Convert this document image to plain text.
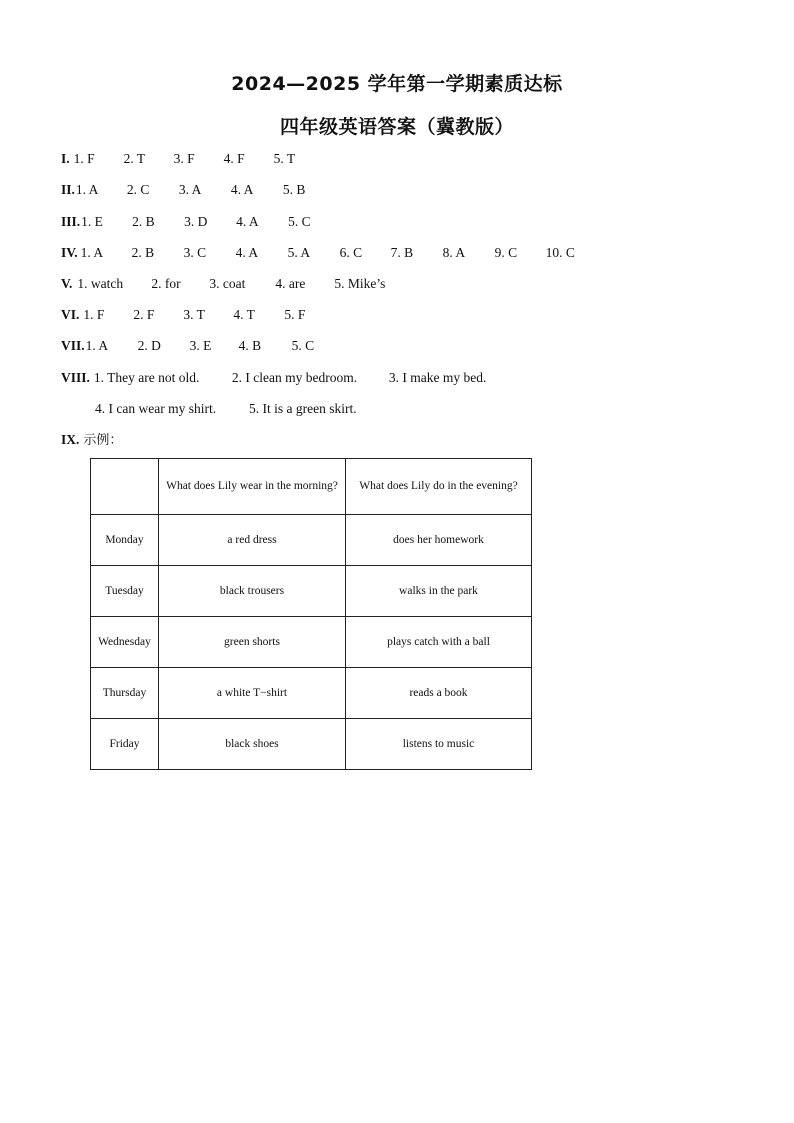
2024—2025 学年第一学期素质达标
四年级英语答案（冀教版）
I. 1. F	2. T	3. F	4. F	5. T
II. 1. A	2. C	3. A	4. A	5. B
III. 1. E	2. B	3. D	4. A	5. C
IV. 1. A	2. B	3. C	4. A	5. A	6. C	7. B	8. A	9. C	10. C
V. 1. watch	2. for	3. coat	4. are	5. Mike’s
VI. 1. F	2. F	3. T	4. T	5. F
VII. 1. A	2. D	3. E	4. B	5. C
VIII. 1. They are not old.	2. I clean my bedroom.	3. I make my bed.
4. I can wear my shirt.	5. It is a green skirt.
IX. 示例：
	What does Lily wear in the morning?	What does Lily do in the evening?
Monday	a red dress	does her homework
Tuesday	black trousers	walks in the park
Wednesday	green shorts	plays catch with a ball
Thursday	a white T−shirt	reads a book
Friday	black shoes	listens to music
